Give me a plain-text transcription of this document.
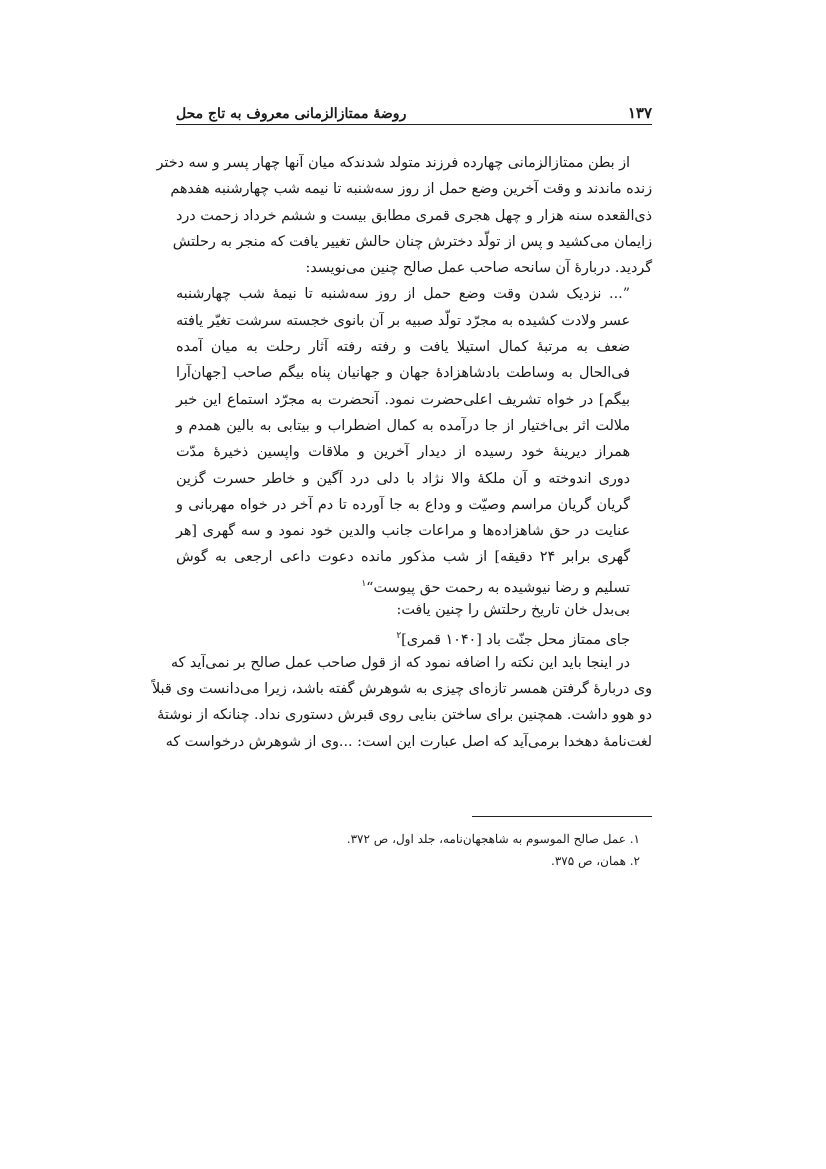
۱۳۷
روضهٔ ممتازالزمانی معروف به تاج محل
از بطن ممتازالزمانی چهارده فرزند متولد شدندکه میان آنها چهار پسر و سه دختر
زنده ماندند و وقت آخرین وضع حمل از روز سه‌شنبه تا نیمه شب چهارشنبه هفدهم
ذی‌القعده سنه هزار و چهل هجری قمری مطابق بیست و ششم خرداد زحمت درد
زایمان می‌کشید و پس از تولّد دخترش چنان حالش تغییر یافت که منجر به رحلتش
گردید. دربارهٔ آن سانحه صاحب عمل صالح چنین می‌نویسد:
”... نزدیک شدن وقت وضع حمل از روز سه‌شنبه تا نیمهٔ شب چهارشنبه
عسر ولادت کشیده به مجرّد تولّد صبیه بر آن بانوی خجسته سرشت تغیّر یافته
ضعف به مرتبهٔ کمال استیلا یافت و رفته رفته آثار رحلت به میان آمده
فی‌الحال به وساطت بادشاهزادهٔ جهان و جهانیان پناه بیگم صاحب [جهان‌آرا
بیگم] در خواه تشریف اعلی‌حضرت نمود. آنحضرت به مجرّد استماع این خبر
ملالت اثر بی‌اختیار از جا درآمده به کمال اضطراب و بیتابی به بالین همدم و
همراز دیرینهٔ خود رسیده از دیدار آخرین و ملاقات واپسین ذخیرهٔ مدّت
دوری اندوخته و آن ملکهٔ والا نژاد با دلی درد آگین و خاطر حسرت گزین
گریان گریان مراسم وصیّت و وداع به جا آورده تا دم آخر در خواه مهربانی و
عنایت در حق شاهزاده‌ها و مراعات جانب والدین خود نمود و سه گهری [هر
گهری برابر ۲۴ دقیقه] از شب مذکور مانده دعوت داعی ارجعی به گوش
تسلیم و رضا نیوشیده به رحمت حق پیوست“$^۱$
بی‌بدل خان تاریخ رحلتش را چنین یافت:
جای ممتاز محل جنّت باد [۱۰۴۰ قمری]$^۲$
در اینجا باید این نکته را اضافه نمود که از قول صاحب عمل صالح بر نمی‌آید که
وی دربارهٔ گرفتن همسر تازه‌ای چیزی به شوهرش گفته باشد، زیرا می‌دانست وی قبلاً
دو هوو داشت. همچنین برای ساختن بنایی روی قبرش دستوری نداد. چنانکه از نوشتهٔ
لغت‌نامهٔ دهخدا برمی‌آید که اصل عبارت این است: ...وی از شوهرش درخواست که
۱. عمل صالح الموسوم به شاهجهان‌نامه، جلد اول، ص ۳۷۲.
۲. همان، ص ۳۷۵.
